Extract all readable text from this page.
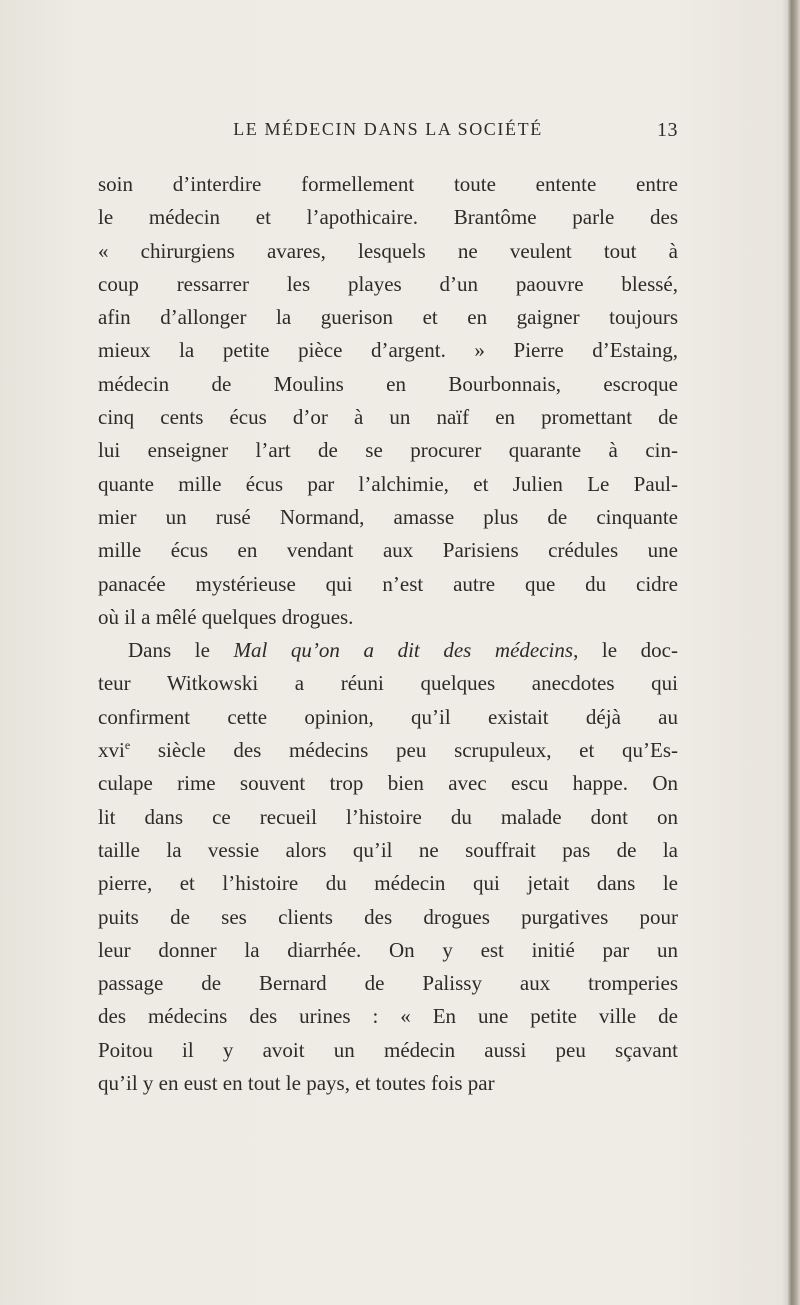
LE MÉDECIN DANS LA SOCIÉTÉ	13
soin d’interdire formellement toute entente entre
le médecin et l’apothicaire. Brantôme parle des
« chirurgiens avares, lesquels ne veulent tout à
coup ressarrer les playes d’un paouvre blessé,
afin d’allonger la guerison et en gaigner toujours
mieux la petite pièce d’argent. » Pierre d’Estaing,
médecin de Moulins en Bourbonnais, escroque
cinq cents écus d’or à un naïf en promettant de
lui enseigner l’art de se procurer quarante à cin-
quante mille écus par l’alchimie, et Julien Le Paul-
mier un rusé Normand, amasse plus de cinquante
mille écus en vendant aux Parisiens crédules une
panacée mystérieuse qui n’est autre que du cidre
où il a mêlé quelques drogues.
Dans le Mal qu’on a dit des médecins, le doc-
teur Witkowski a réuni quelques anecdotes qui
confirment cette opinion, qu’il existait déjà au
xvi$^e$ siècle des médecins peu scrupuleux, et qu’Es-
culape rime souvent trop bien avec escu happe. On
lit dans ce recueil l’histoire du malade dont on
taille la vessie alors qu’il ne souffrait pas de la
pierre, et l’histoire du médecin qui jetait dans le
puits de ses clients des drogues purgatives pour
leur donner la diarrhée. On y est initié par un
passage de Bernard de Palissy aux tromperies
des médecins des urines : « En une petite ville de
Poitou il y avoit un médecin aussi peu sçavant
qu’il y en eust en tout le pays, et toutes fois par
